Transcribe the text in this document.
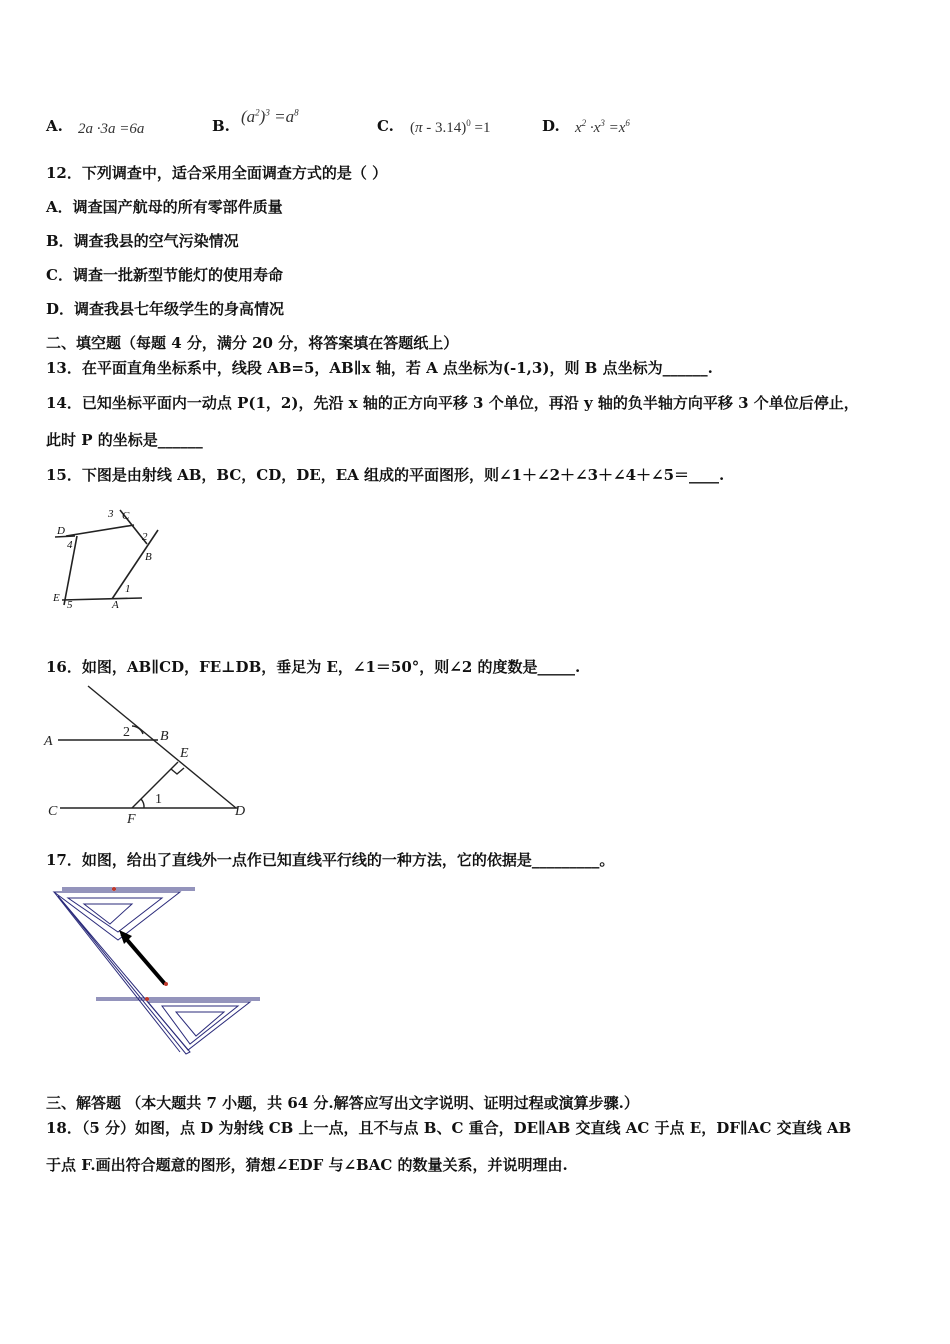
A. 2a ·3a =6a	B. $(a^2)^3 =a^8$
C. (π - 3.14)$^0$ =1	D. $x^2 \cdot x^3 =x^6$
12．下列调查中，适合采用全面调查方式的是（ ）
A．调查国产航母的所有零部件质量
B．调查我县的空气污染情况
C．调查一批新型节能灯的使用寿命
D．调查我县七年级学生的身高情况
二、填空题（每题 4 分，满分 20 分，将答案填在答题纸上）
13．在平面直角坐标系中，线段 AB=5，AB∥x 轴，若 A 点坐标为(-1,3)，则 B 点坐标为______.
14．已知坐标平面内一动点 P(1，2)，先沿 x 轴的正方向平移 3 个单位，再沿 y 轴的负半轴方向平移 3 个单位后停止，
此时 P 的坐标是______
15．下图是由射线 AB，BC，CD，DE，EA 组成的平面图形，则∠1＋∠2＋∠3＋∠4＋∠5＝____.
D
3 C
4
2
B
E
5	A
1
16．如图，AB∥CD，FE⊥DB，垂足为 E，∠1＝50°，则∠2 的度数是_____.
A
2 B
E
C
1
F
D
17．如图，给出了直线外一点作已知直线平行线的一种方法，它的依据是_________。
三、解答题 （本大题共 7 小题，共 64 分.解答应写出文字说明、证明过程或演算步骤.）
18．（5 分）如图，点 D 为射线 CB 上一点，且不与点 B、C 重合，DE∥AB 交直线 AC 于点 E，DF∥AC 交直线 AB
于点 F.画出符合题意的图形，猜想∠EDF 与∠BAC 的数量关系，并说明理由.
